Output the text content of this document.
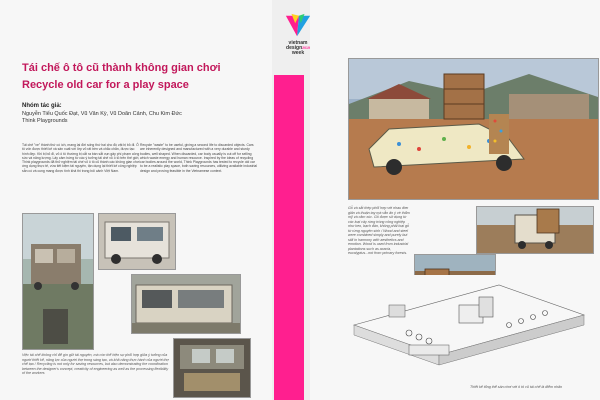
Tái chế ô tô cũ thành không gian chơi
Recycle old car for a play space
Nhóm tác giả:
Nguyễn Tiểu Quốc Đạt, Vũ Văn Kỳ, Vũ Doãn Cảnh, Chu Kim Đức
Think Playgrounds
Tái chế "xe" thành thứ có ích, mang lại đời sống thứ hai cho đồ vật bị bỏ đi. Ô tô vốn được thiết kế và sản xuất với lớp vỏ rất bền và chắc chắn, được tạo hình đẹp. Khi bị bỏ đi, vỏ ô tô thường bị cắt ra bán sắt vụn gây phí phạm công sức và năng lượng. Lấy cảm hứng từ các ý tưởng tái chế vỏ ô tô trên thế giới, Think playgrounds đã thử nghiệm tái chế vỏ ô tô cũ thành các không gian chơi ứng dụng thực tế, vừa tiết kiệm tài nguyên, tận dụng lại thiết kế công nghiệp sẵn có và cung mang được tính khả thi trong bối cảnh Việt Nam.
Recycle "waste" to be useful, giving a second life to discarded objects. Cars are inherently designed and manufactured with a very durable and sturdy bodies, well shaped. When discarded, car body usually is cut off for selling which waste energy and human resource. Inspired by the ideas of recycling car bodies around the world, Think Playgrounds has tested to recycle old car to be a realistic play space, both saving resources, utilizing available industrial design and proving feasible in the Vietnamese context.
Việc tái chế không chỉ để gìn giữ tài nguyên, mà còn thể hiện sự phối hợp giữa ý tưởng của người thiết kế, năng lực của người thợ trong sáng tạo, và khả năng thực hành của người thợ chế tạo / Recycling is not only for saving resources, but also demonstrating the coordination between the designer's concept, creativity of engineering as well as the processing flexibility of the workers
vietnam
design2019
week
Gỗ và sắt thép phối hợp với nhau đơn giản và thuận tay mà vẫn ấn ý về thẩm mỹ và cảm xúc. Gỗ được sử dụng từ các loại cây rừng trồng công nghiệp như keo, bạch đàn, không phải loại gỗ từ rừng nguyên sinh / Wood and steel were combined simply and purely but still in harmony with aesthetics and emotion. Wood is used from industrial plantations such as acacia, eucalyptus...not from primary forests.
Thiết kế tổng thể sân chơi với ô tô cũ tái chế là điểm nhấn
